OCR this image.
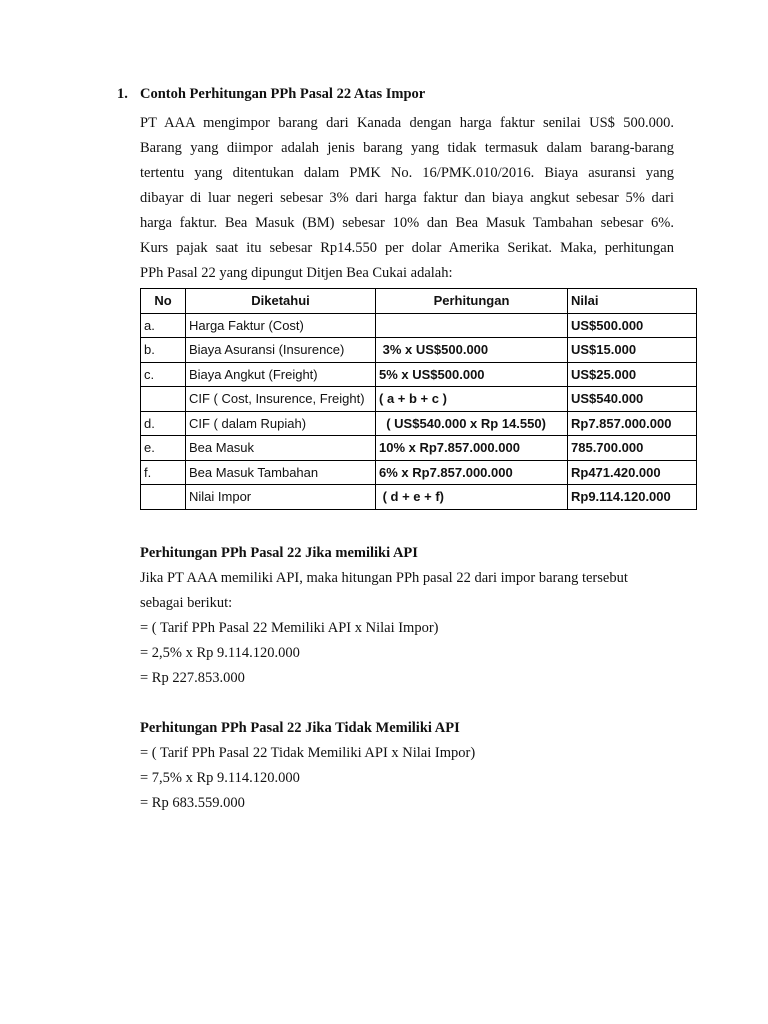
1. Contoh Perhitungan PPh Pasal 22 Atas Impor

PT AAA mengimpor barang dari Kanada dengan harga faktur senilai US$ 500.000.
Barang yang diimpor adalah jenis barang yang tidak termasuk dalam barang-barang
tertentu yang ditentukan dalam PMK No. 16/PMK.010/2016. Biaya asuransi yang
dibayar di luar negeri sebesar 3% dari harga faktur dan biaya angkut sebesar 5% dari
harga faktur. Bea Masuk (BM) sebesar 10% dan Bea Masuk Tambahan sebesar 6%.
Kurs pajak saat itu sebesar Rp14.550 per dolar Amerika Serikat. Maka, perhitungan
PPh Pasal 22 yang dipungut Ditjen Bea Cukai adalah:

No	Diketahui	Perhitungan	Nilai
a.	Harga Faktur (Cost)		US$500.000
b.	Biaya Asuransi (Insurence)	3% x US$500.000	US$15.000
c.	Biaya Angkut (Freight)	5% x US$500.000	US$25.000
	CIF ( Cost, Insurence, Freight)	( a + b + c )	US$540.000
d.	CIF ( dalam Rupiah)	( US$540.000 x Rp 14.550)	Rp7.857.000.000
e.	Bea Masuk	10% x Rp7.857.000.000	785.700.000
f.	Bea Masuk Tambahan	6% x Rp7.857.000.000	Rp471.420.000
	Nilai Impor	( d + e + f)	Rp9.114.120.000
Perhitungan PPh Pasal 22 Jika memiliki API
Jika PT AAA memiliki API, maka hitungan PPh pasal 22 dari impor barang tersebut
sebagai berikut:
= ( Tarif PPh Pasal 22 Memiliki API x Nilai Impor)
= 2,5% x Rp 9.114.120.000
= Rp 227.853.000
Perhitungan PPh Pasal 22 Jika Tidak Memiliki API
= ( Tarif PPh Pasal 22 Tidak Memiliki API x Nilai Impor)
= 7,5% x Rp 9.114.120.000
= Rp 683.559.000
